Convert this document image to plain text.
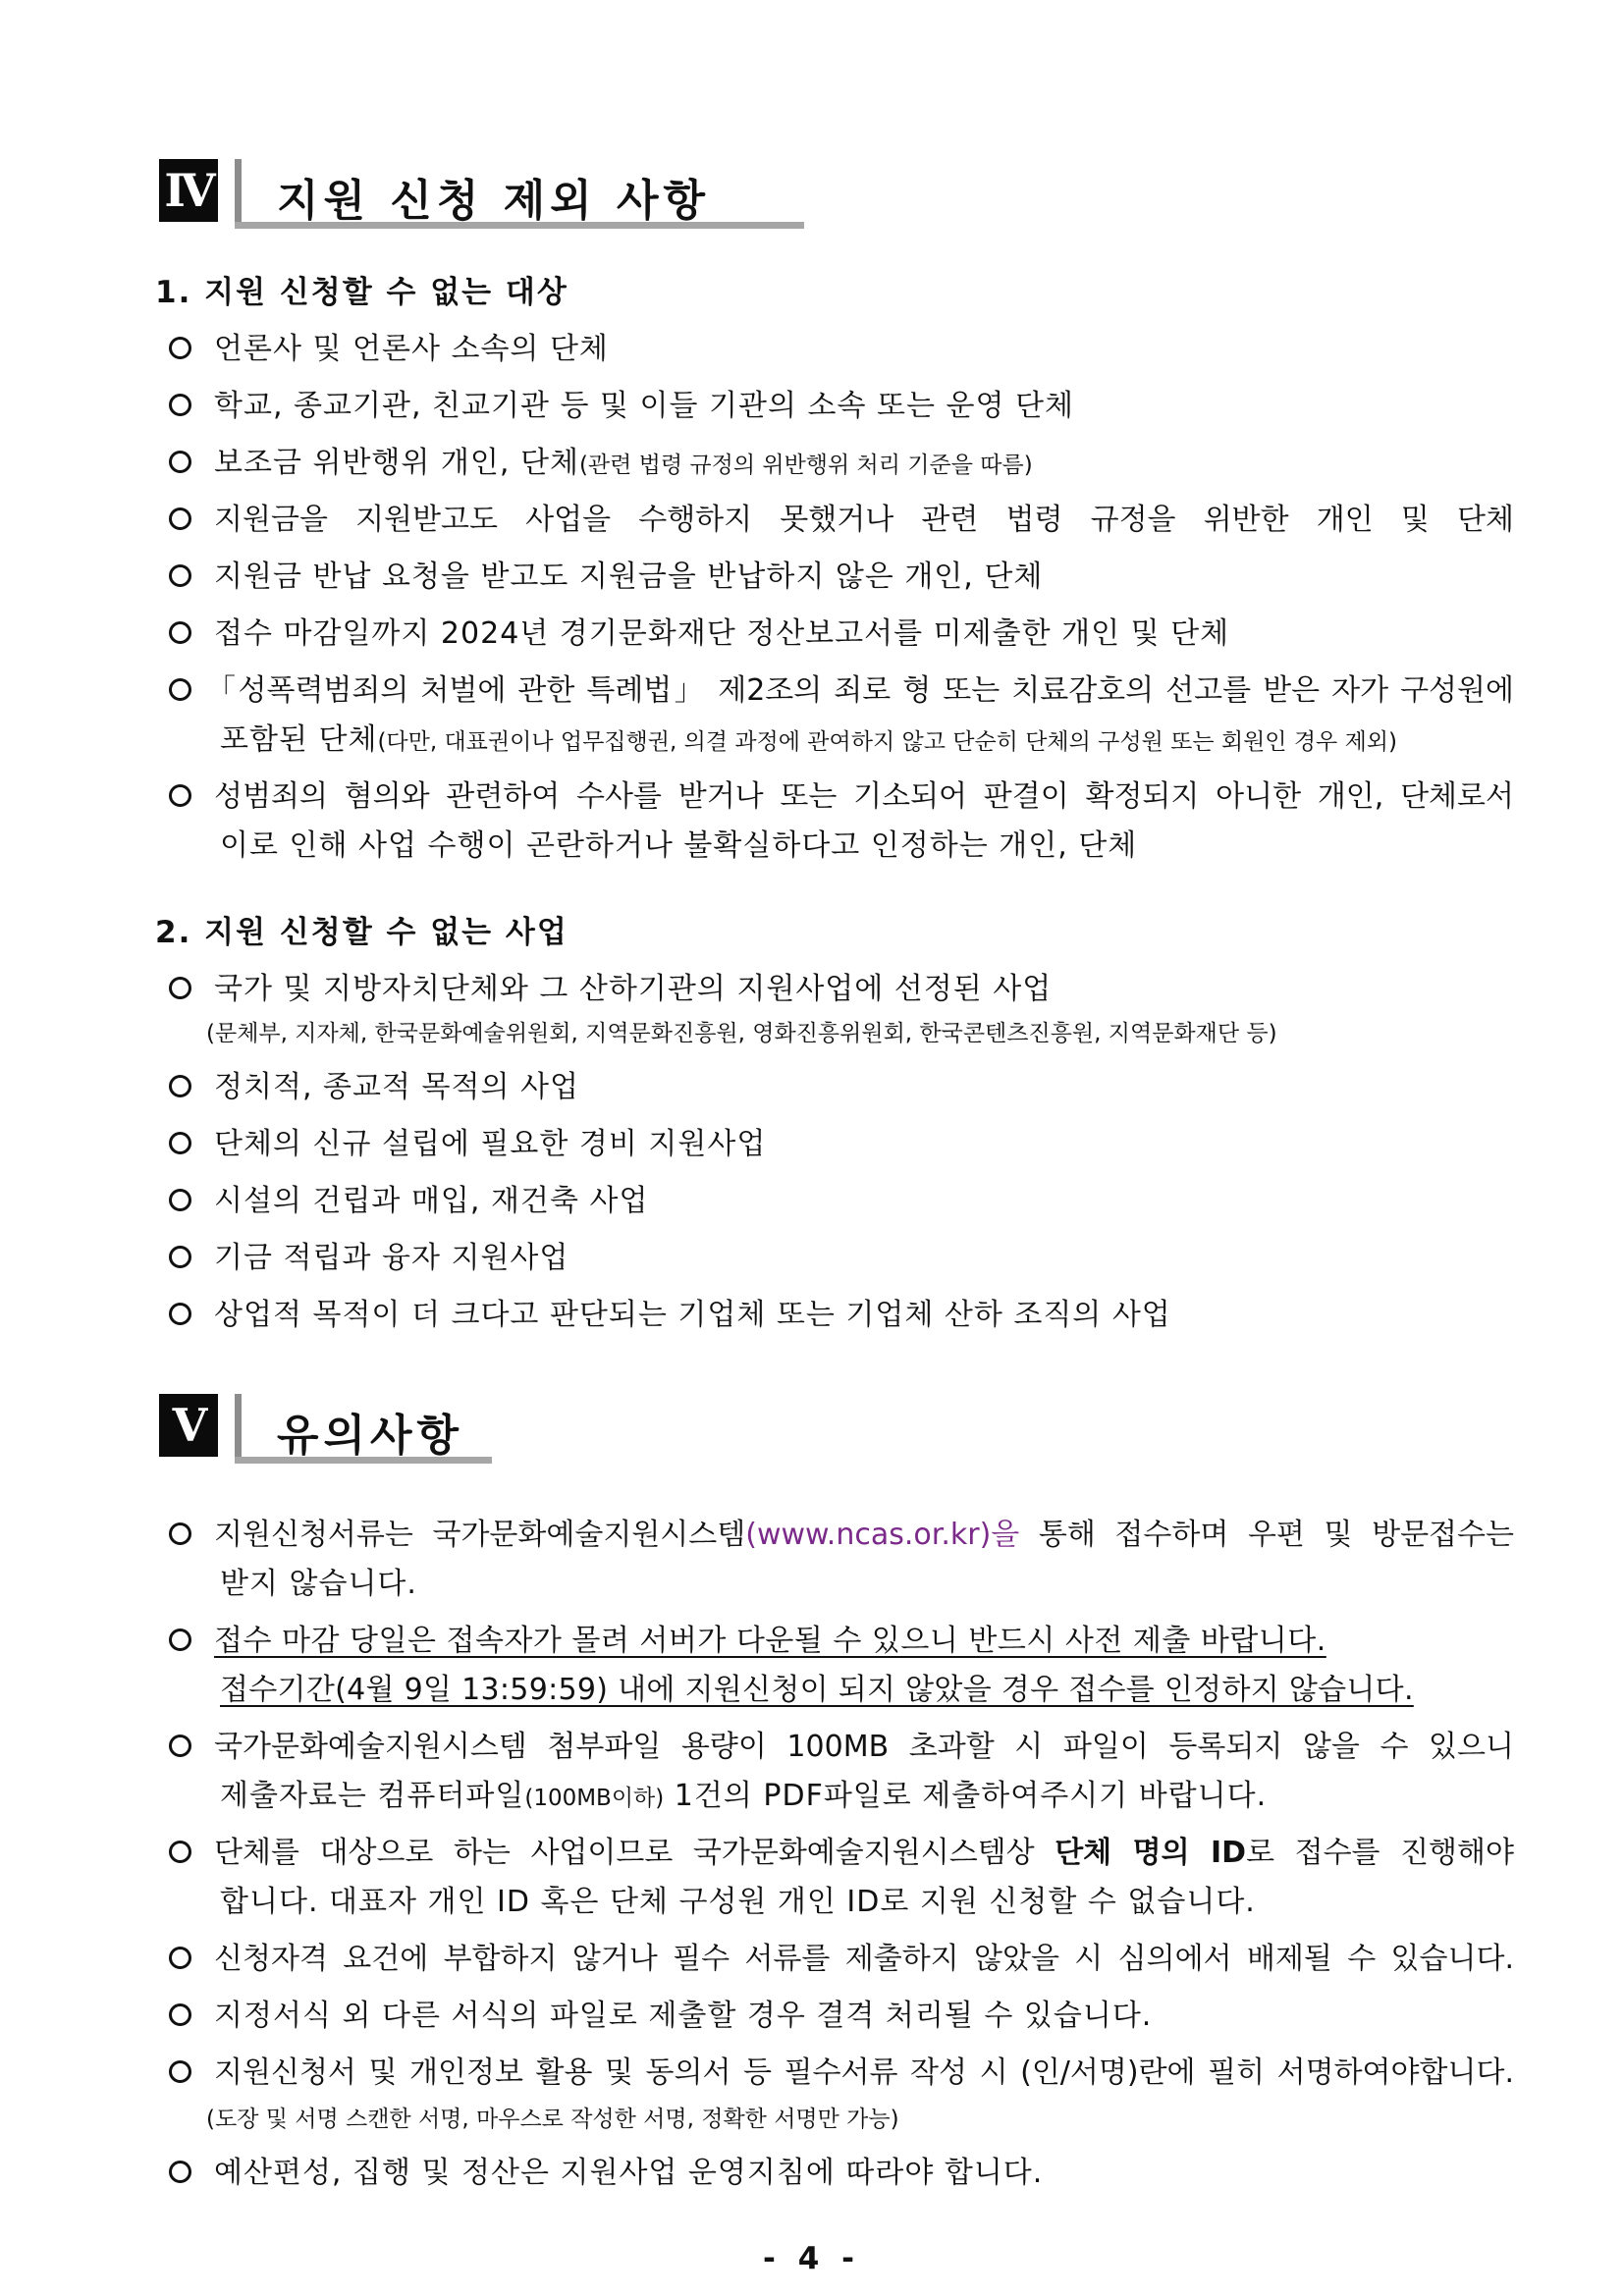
Ⅳ 지원 신청 제외 사항
1. 지원 신청할 수 없는 대상
언론사 및 언론사 소속의 단체
학교, 종교기관, 친교기관 등 및 이들 기관의 소속 또는 운영 단체
보조금 위반행위 개인, 단체(관련 법령 규정의 위반행위 처리 기준을 따름)
지원금을 지원받고도 사업을 수행하지 못했거나 관련 법령 규정을 위반한 개인 및 단체
지원금 반납 요청을 받고도 지원금을 반납하지 않은 개인, 단체
접수 마감일까지 2024년 경기문화재단 정산보고서를 미제출한 개인 및 단체
「성폭력범죄의 처벌에 관한 특례법」 제2조의 죄로 형 또는 치료감호의 선고를 받은 자가 구성원에
포함된 단체(다만, 대표권이나 업무집행권, 의결 과정에 관여하지 않고 단순히 단체의 구성원 또는 회원인 경우 제외)
성범죄의 혐의와 관련하여 수사를 받거나 또는 기소되어 판결이 확정되지 아니한 개인, 단체로서
이로 인해 사업 수행이 곤란하거나 불확실하다고 인정하는 개인, 단체
2. 지원 신청할 수 없는 사업
국가 및 지방자치단체와 그 산하기관의 지원사업에 선정된 사업
(문체부, 지자체, 한국문화예술위원회, 지역문화진흥원, 영화진흥위원회, 한국콘텐츠진흥원, 지역문화재단 등)
정치적, 종교적 목적의 사업
단체의 신규 설립에 필요한 경비 지원사업
시설의 건립과 매입, 재건축 사업
기금 적립과 융자 지원사업
상업적 목적이 더 크다고 판단되는 기업체 또는 기업체 산하 조직의 사업
Ⅴ	유의사항
지원신청서류는 국가문화예술지원시스템(www.ncas.or.kr)을 통해 접수하며 우편 및 방문접수는
받지 않습니다.
접수 마감 당일은 접속자가 몰려 서버가 다운될 수 있으니 반드시 사전 제출 바랍니다.
접수기간(4월 9일 13:59:59) 내에 지원신청이 되지 않았을 경우 접수를 인정하지 않습니다.
국가문화예술지원시스템 첨부파일 용량이 100MB 초과할 시 파일이 등록되지 않을 수 있으니
제출자료는 컴퓨터파일(100MB이하) 1건의 PDF파일로 제출하여주시기 바랍니다.
단체를 대상으로 하는 사업이므로 국가문화예술지원시스템상 단체 명의 ID로 접수를 진행해야
합니다. 대표자 개인 ID 혹은 단체 구성원 개인 ID로 지원 신청할 수 없습니다.
신청자격 요건에 부합하지 않거나 필수 서류를 제출하지 않았을 시 심의에서 배제될 수 있습니다.
지정서식 외 다른 서식의 파일로 제출할 경우 결격 처리될 수 있습니다.
지원신청서 및 개인정보 활용 및 동의서 등 필수서류 작성 시 (인/서명)란에 필히 서명하여야합니다.
(도장 및 서명 스캔한 서명, 마우스로 작성한 서명, 정확한 서명만 가능)
예산편성, 집행 및 정산은 지원사업 운영지침에 따라야 합니다.
- 4 -
